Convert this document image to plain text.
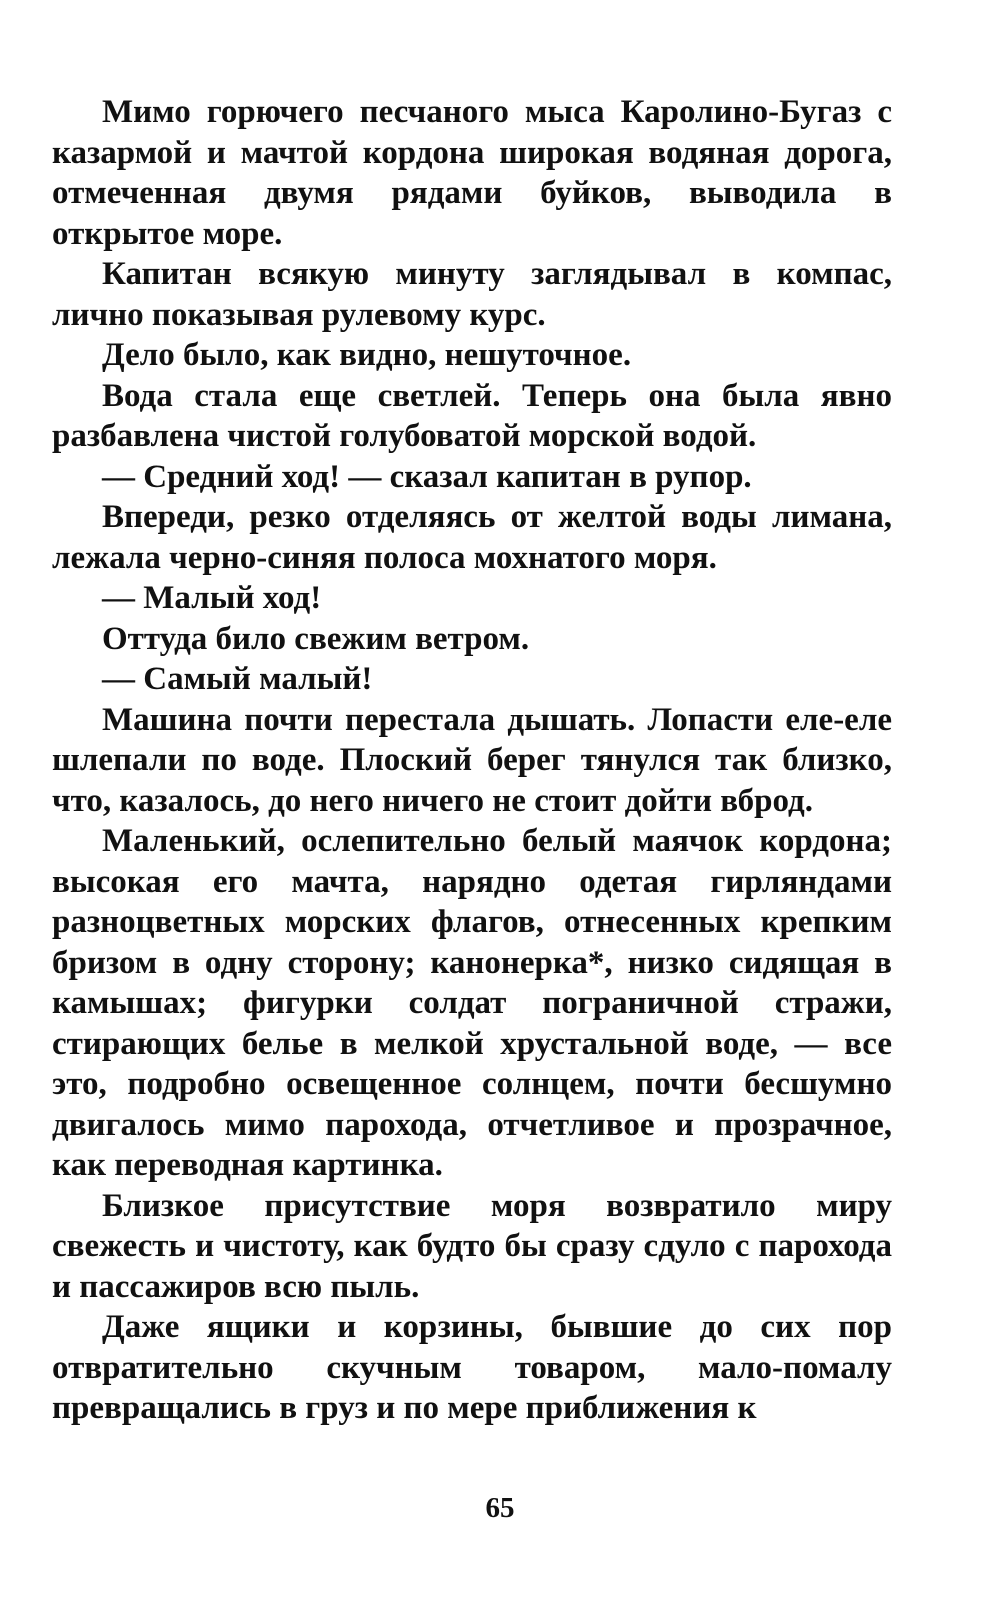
Мимо горючего песчаного мыса Каролино-Бугаз с казармой и мачтой кордона широкая водяная дорога, отмеченная двумя рядами буйков, выводила в открытое море.

Капитан всякую минуту заглядывал в компас, лично показывая рулевому курс.

Дело было, как видно, нешуточное.

Вода стала еще светлей. Теперь она была явно разбавлена чистой голубоватой морской водой.

— Средний ход! — сказал капитан в рупор.

Впереди, резко отделяясь от желтой воды лимана, лежала черно-синяя полоса мохнатого моря.

— Малый ход!

Оттуда било свежим ветром.

— Самый малый!

Машина почти перестала дышать. Лопасти еле-еле шлепали по воде. Плоский берег тянулся так близко, что, казалось, до него ничего не стоит дойти вброд.

Маленький, ослепительно белый маячок кордона; высокая его мачта, нарядно одетая гирляндами разноцветных морских флагов, отнесенных крепким бризом в одну сторону; канонерка*, низко сидящая в камышах; фигурки солдат пограничной стражи, стирающих белье в мелкой хрустальной воде, — все это, подробно освещенное солнцем, почти бесшумно двигалось мимо парохода, отчетливое и прозрачное, как переводная картинка.

Близкое присутствие моря возвратило миру свежесть и чистоту, как будто бы сразу сдуло с парохода и пассажиров всю пыль.

Даже ящики и корзины, бывшие до сих пор отвратительно скучным товаром, мало-помалу превращались в груз и по мере приближения к

65
